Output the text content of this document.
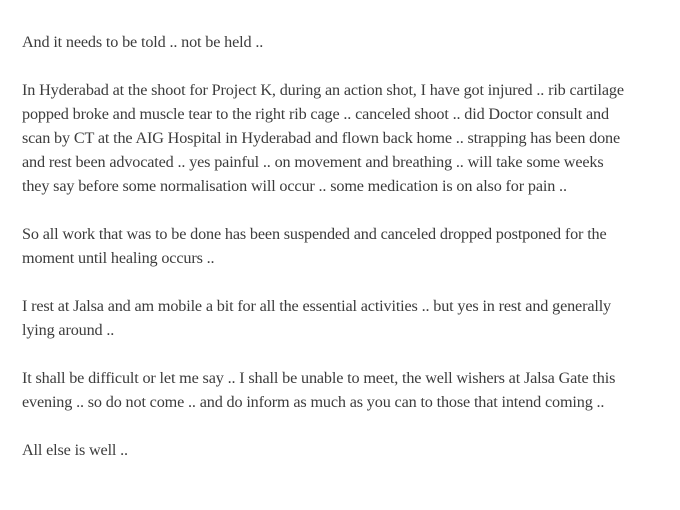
And it needs to be told .. not be held ..

In Hyderabad at the shoot for Project K, during an action shot, I have got injured .. rib cartilage
popped broke and muscle tear to the right rib cage .. canceled shoot .. did Doctor consult and
scan by CT at the AIG Hospital in Hyderabad and flown back home .. strapping has been done
and rest been advocated .. yes painful .. on movement and breathing .. will take some weeks
they say before some normalisation will occur .. some medication is on also for pain ..

So all work that was to be done has been suspended and canceled dropped postponed for the
moment until healing occurs ..

I rest at Jalsa and am mobile a bit for all the essential activities .. but yes in rest and generally
lying around ..

It shall be difficult or let me say .. I shall be unable to meet, the well wishers at Jalsa Gate this
evening .. so do not come .. and do inform as much as you can to those that intend coming ..

All else is well ..
